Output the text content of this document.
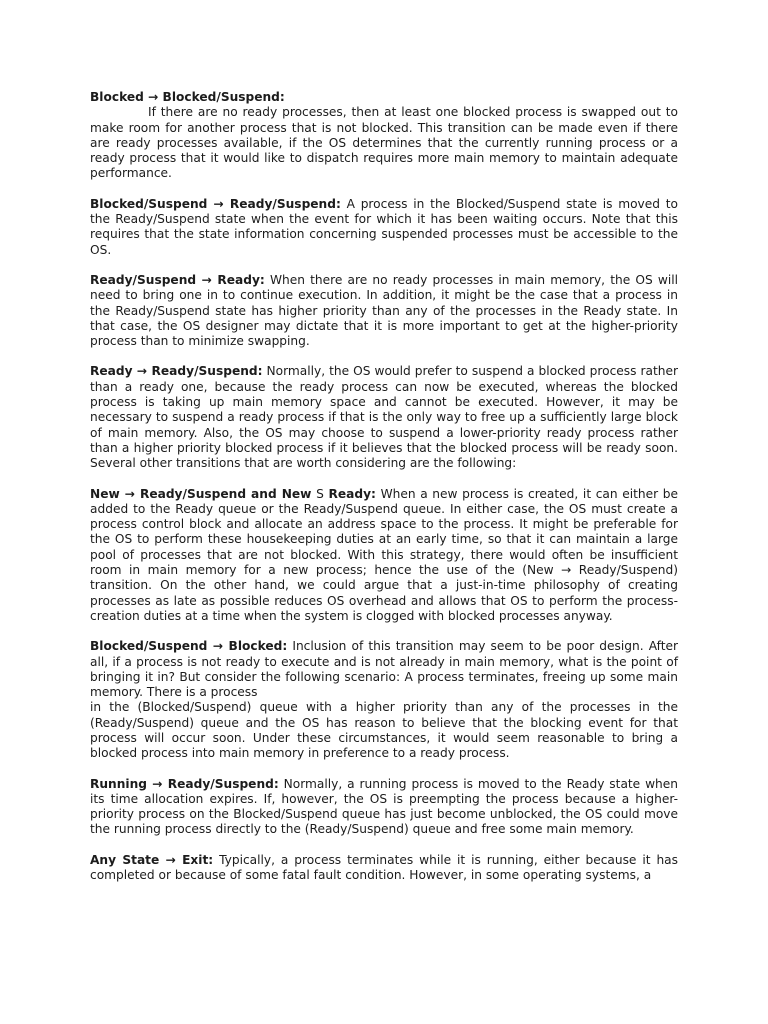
Blocked → Blocked/Suspend:
If there are no ready processes, then at least one blocked process is swapped out to make room for another process that is not blocked. This transition can be made even if there are ready processes available, if the OS determines that the currently running process or a ready process that it would like to dispatch requires more main memory to maintain adequate performance.
Blocked/Suspend → Ready/Suspend: A process in the Blocked/Suspend state is moved to the Ready/Suspend state when the event for which it has been waiting occurs. Note that this requires that the state information concerning suspended processes must be accessible to the OS.
Ready/Suspend → Ready: When there are no ready processes in main memory, the OS will need to bring one in to continue execution. In addition, it might be the case that a process in the Ready/Suspend state has higher priority than any of the processes in the Ready state. In that case, the OS designer may dictate that it is more important to get at the higher-priority process than to minimize swapping.
Ready → Ready/Suspend: Normally, the OS would prefer to suspend a blocked process rather than a ready one, because the ready process can now be executed, whereas the blocked process is taking up main memory space and cannot be executed. However, it may be necessary to suspend a ready process if that is the only way to free up a sufficiently large block of main memory. Also, the OS may choose to suspend a lower-priority ready process rather than a higher priority blocked process if it believes that the blocked process will be ready soon. Several other transitions that are worth considering are the following:
New → Ready/Suspend and New S Ready: When a new process is created, it can either be added to the Ready queue or the Ready/Suspend queue. In either case, the OS must create a process control block and allocate an address space to the process. It might be preferable for the OS to perform these housekeeping duties at an early time, so that it can maintain a large pool of processes that are not blocked. With this strategy, there would often be insufficient room in main memory for a new process; hence the use of the (New → Ready/Suspend) transition. On the other hand, we could argue that a just-in-time philosophy of creating processes as late as possible reduces OS overhead and allows that OS to perform the process-creation duties at a time when the system is clogged with blocked processes anyway.
Blocked/Suspend → Blocked: Inclusion of this transition may seem to be poor design. After all, if a process is not ready to execute and is not already in main memory, what is the point of bringing it in? But consider the following scenario: A process terminates, freeing up some main memory. There is a process
in the (Blocked/Suspend) queue with a higher priority than any of the processes in the (Ready/Suspend) queue and the OS has reason to believe that the blocking event for that process will occur soon. Under these circumstances, it would seem reasonable to bring a blocked process into main memory in preference to a ready process.
Running → Ready/Suspend: Normally, a running process is moved to the Ready state when its time allocation expires. If, however, the OS is preempting the process because a higher-priority process on the Blocked/Suspend queue has just become unblocked, the OS could move the running process directly to the (Ready/Suspend) queue and free some main memory.
Any State → Exit: Typically, a process terminates while it is running, either because it has completed or because of some fatal fault condition. However, in some operating systems, a
